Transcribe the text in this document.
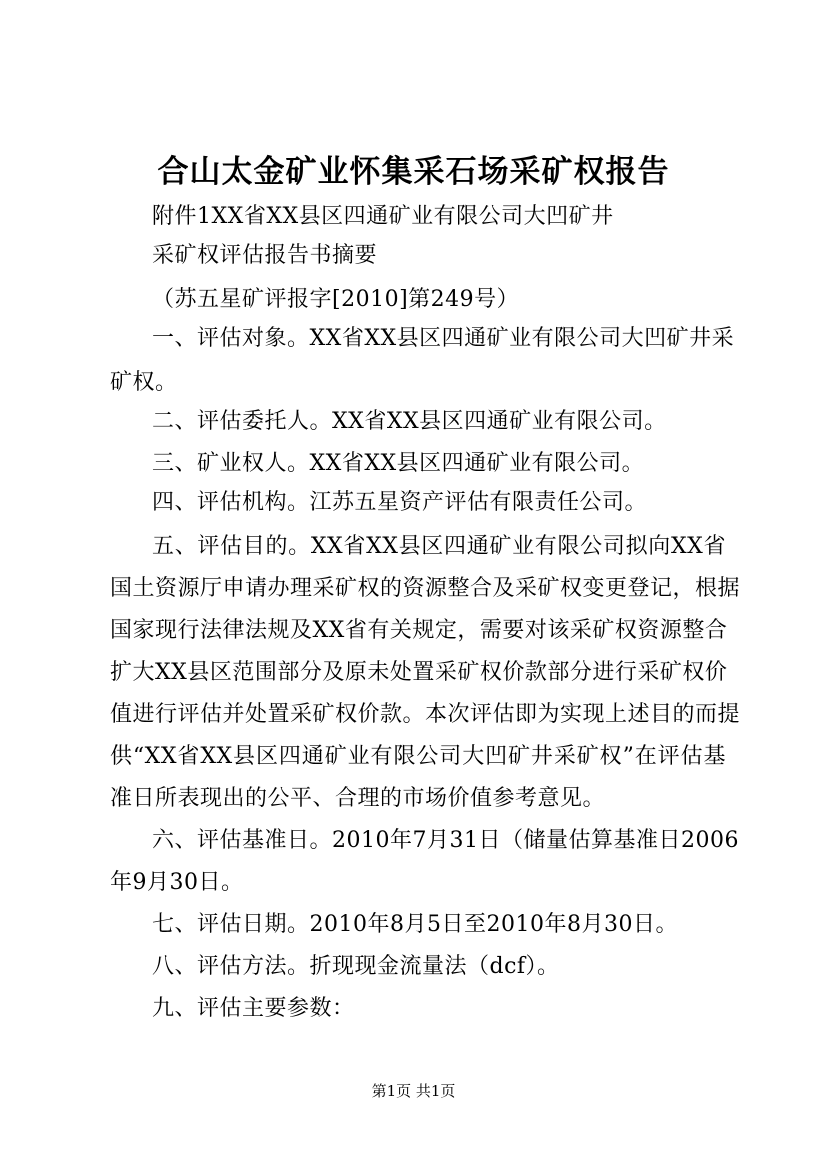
合山太金矿业怀集采石场采矿权报告
附件1XX省XX县区四通矿业有限公司大凹矿井
采矿权评估报告书摘要
（苏五星矿评报字[2010]第249号）
一、评估对象。XX省XX县区四通矿业有限公司大凹矿井采
矿权。
二、评估委托人。XX省XX县区四通矿业有限公司。
三、矿业权人。XX省XX县区四通矿业有限公司。
四、评估机构。江苏五星资产评估有限责任公司。
五、评估目的。XX省XX县区四通矿业有限公司拟向XX省
国土资源厅申请办理采矿权的资源整合及采矿权变更登记，根据
国家现行法律法规及XX省有关规定，需要对该采矿权资源整合
扩大XX县区范围部分及原未处置采矿权价款部分进行采矿权价
值进行评估并处置采矿权价款。本次评估即为实现上述目的而提
供“XX省XX县区四通矿业有限公司大凹矿井采矿权”在评估基
准日所表现出的公平、合理的市场价值参考意见。
六、评估基准日。2010年7月31日（储量估算基准日2006
年9月30日。
七、评估日期。2010年8月5日至2010年8月30日。
八、评估方法。折现现金流量法（dcf）。
九、评估主要参数：
第1页 共1页
